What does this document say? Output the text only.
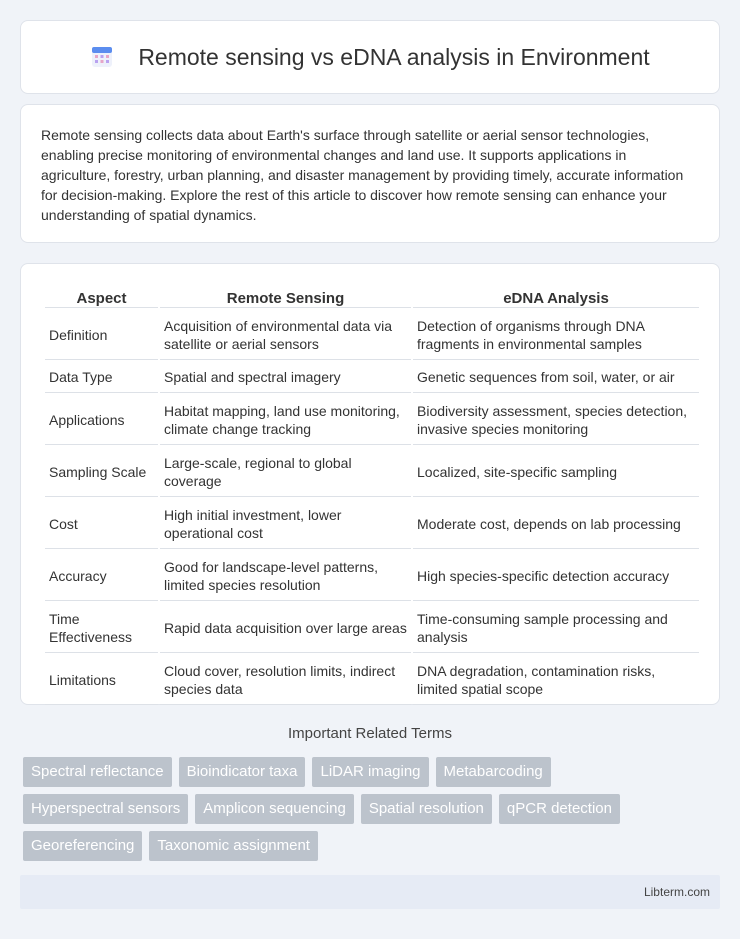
Remote sensing vs eDNA analysis in Environment

Remote sensing collects data about Earth's surface through satellite or aerial sensor technologies, enabling precise monitoring of environmental changes and land use. It supports applications in agriculture, forestry, urban planning, and disaster management by providing timely, accurate information for decision-making. Explore the rest of this article to discover how remote sensing can enhance your understanding of spatial dynamics.

Aspect	Remote Sensing	eDNA Analysis
Definition	Acquisition of environmental data via satellite or aerial sensors	Detection of organisms through DNA fragments in environmental samples
Data Type	Spatial and spectral imagery	Genetic sequences from soil, water, or air
Applications	Habitat mapping, land use monitoring, climate change tracking	Biodiversity assessment, species detection, invasive species monitoring
Sampling Scale	Large-scale, regional to global coverage	Localized, site-specific sampling
Cost	High initial investment, lower operational cost	Moderate cost, depends on lab processing
Accuracy	Good for landscape-level patterns, limited species resolution	High species-specific detection accuracy
Time Effectiveness	Rapid data acquisition over large areas	Time-consuming sample processing and analysis
Limitations	Cloud cover, resolution limits, indirect species data	DNA degradation, contamination risks, limited spatial scope
Important Related Terms
Spectral reflectance	Bioindicator taxa	LiDAR imaging	Metabarcoding
Hyperspectral sensors	Amplicon sequencing	Spatial resolution	qPCR detection
Georeferencing	Taxonomic assignment
Libterm.com
